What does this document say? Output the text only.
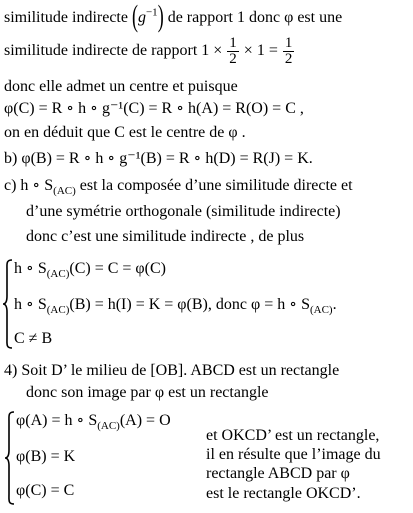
similitude indirecte $(g^{-1})$ de rapport 1 donc φ est une
similitude indirecte de rapport $1 \times \frac{1}{2} \times 1 = \frac{1}{2}$
donc elle admet un centre et puisque
φ(C) = R ∘ h ∘ g⁻¹(C) = R ∘ h(A) = R(O) = C ,
on en déduit que C est le centre de φ .
b) φ(B) = R ∘ h ∘ g⁻¹(B) = R ∘ h(D) = R(J) = K.
c) h ∘ $S_{(AC)}$ est la composée d’une similitude directe et
d’une symétrie orthogonale (similitude indirecte)
donc c’est une similitude indirecte , de plus
h ∘ $S_{(AC)}(C) = C = \varphi(C)$
h ∘ $S_{(AC)}(B) = h(I) = K = \varphi(B)$, donc φ = h ∘ $S_{(AC)}$.
C ≠ B
4) Soit D’ le milieu de [OB]. ABCD est un rectangle
donc son image par φ est un rectangle
φ(A) = h ∘ $S_{(AC)}(A) = O$
φ(B) = K
φ(C) = C
et OKCD’ est un rectangle,
il en résulte que l’image du
rectangle ABCD par φ
est le rectangle OKCD’.
